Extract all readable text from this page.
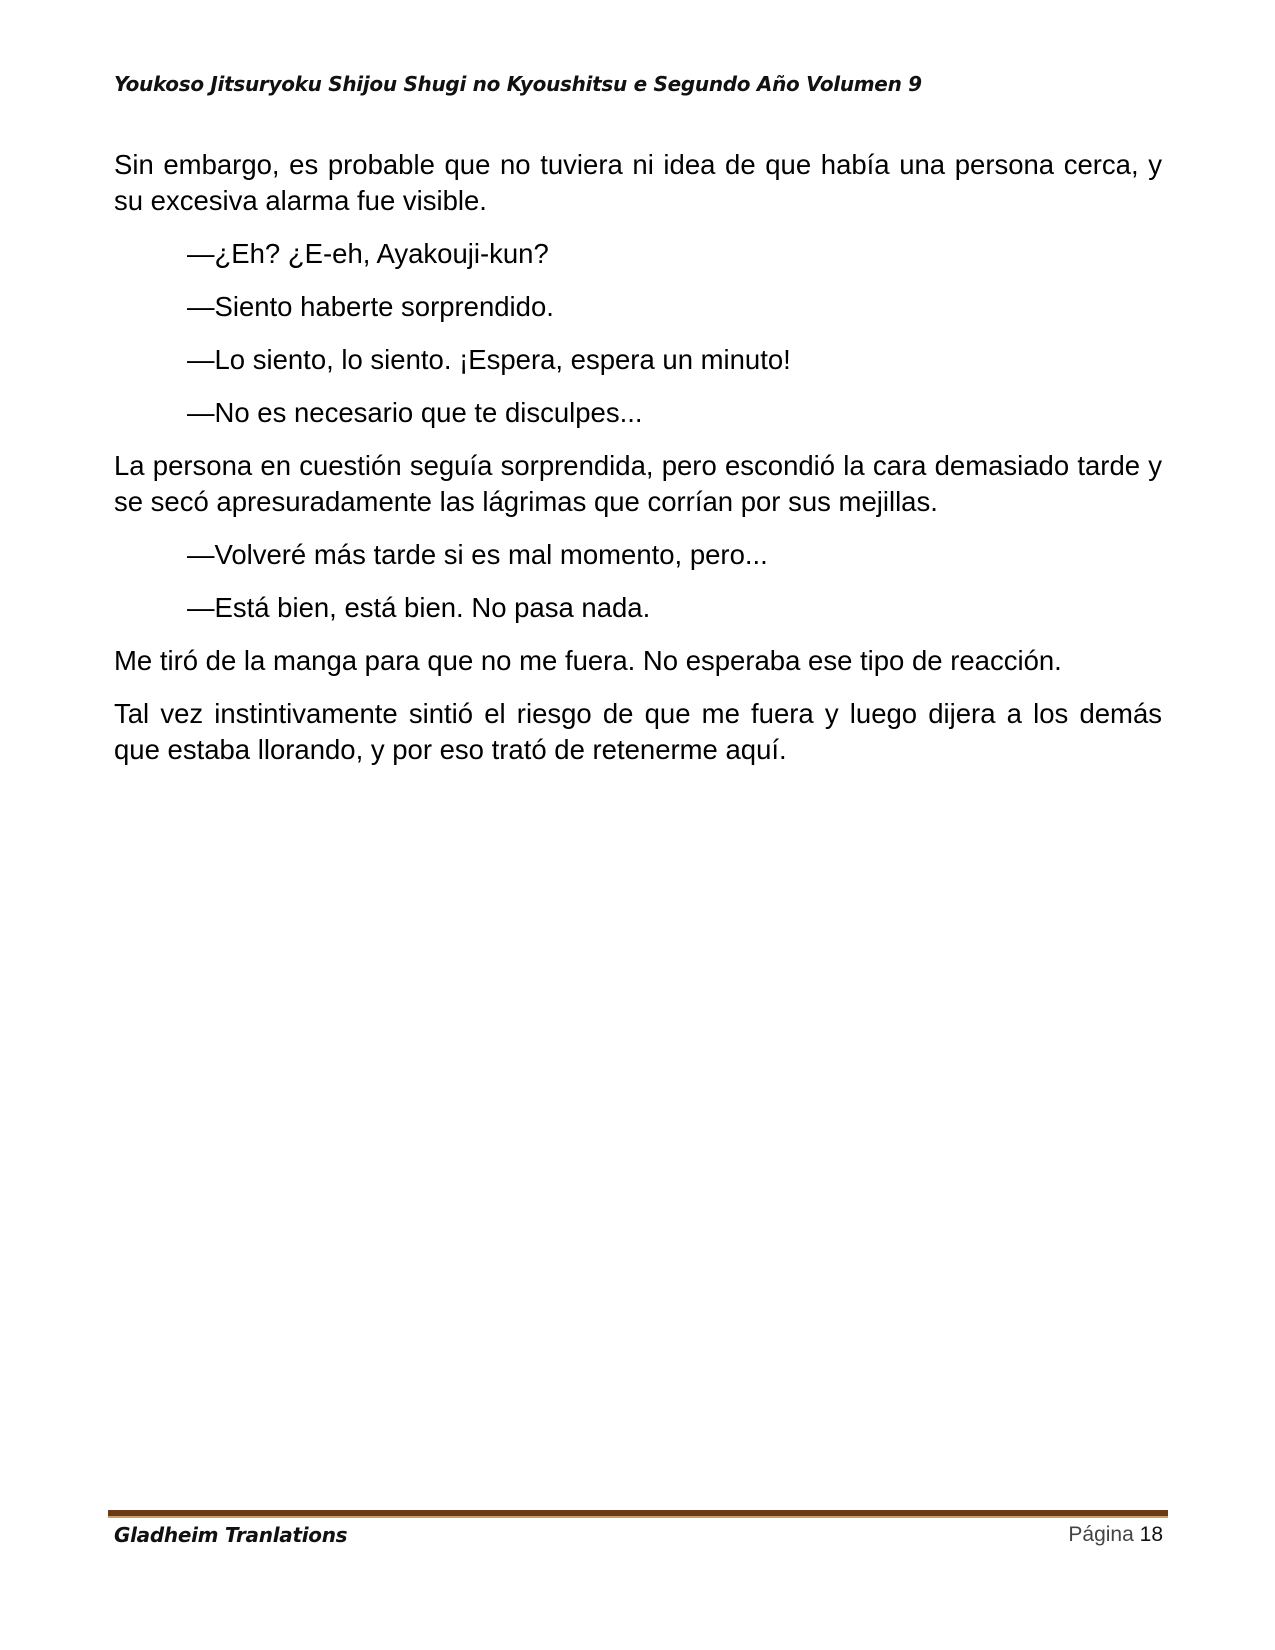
Youkoso Jitsuryoku Shijou Shugi no Kyoushitsu e Segundo Año Volumen 9

Sin embargo, es probable que no tuviera ni idea de que había una persona cerca, y su excesiva alarma fue visible.

—¿Eh? ¿E-eh, Ayakouji-kun?

—Siento haberte sorprendido.

—Lo siento, lo siento. ¡Espera, espera un minuto!

—No es necesario que te disculpes...

La persona en cuestión seguía sorprendida, pero escondió la cara demasiado tarde y se secó apresuradamente las lágrimas que corrían por sus mejillas.

—Volveré más tarde si es mal momento, pero...

—Está bien, está bien. No pasa nada.

Me tiró de la manga para que no me fuera. No esperaba ese tipo de reacción.

Tal vez instintivamente sintió el riesgo de que me fuera y luego dijera a los demás que estaba llorando, y por eso trató de retenerme aquí.

Gladheim Tranlations	Página 18
